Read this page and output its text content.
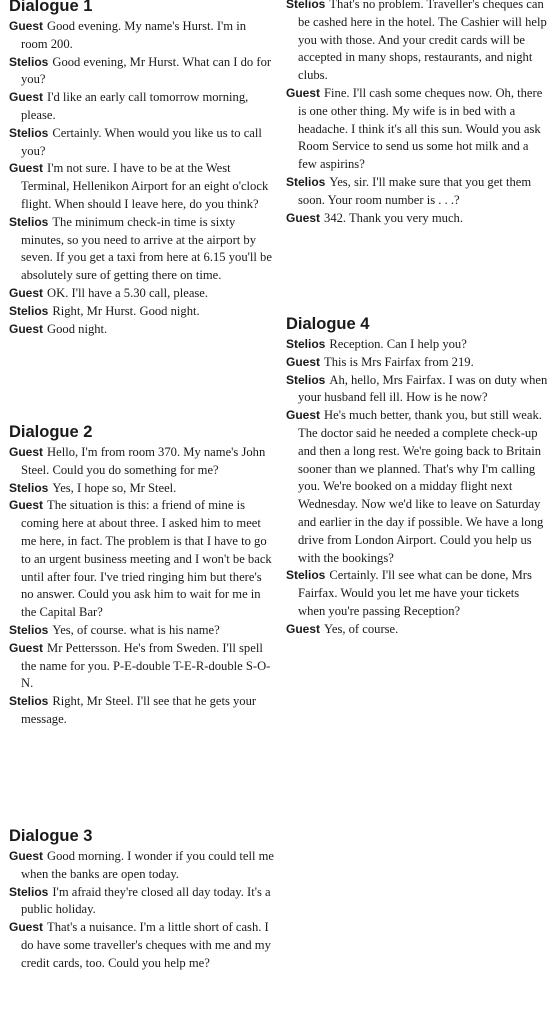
Dialogue 1

Guest Good evening. My name's Hurst. I'm in room 200.

Stelios Good evening, Mr Hurst. What can I do for you?

Guest I'd like an early call tomorrow morning, please.

Stelios Certainly. When would you like us to call you?

Guest I'm not sure. I have to be at the West Terminal, Hellenikon Airport for an eight o'clock flight. When should I leave here, do you think?

Stelios The minimum check-in time is sixty minutes, so you need to arrive at the airport by seven. If you get a taxi from here at 6.15 you'll be absolutely sure of getting there on time.

Guest OK. I'll have a 5.30 call, please.

Stelios Right, Mr Hurst. Good night.

Guest Good night.

Dialogue 2

Guest Hello, I'm from room 370. My name's John Steel. Could you do something for me?

Stelios Yes, I hope so, Mr Steel.

Guest The situation is this: a friend of mine is coming here at about three. I asked him to meet me here, in fact. The problem is that I have to go to an urgent business meeting and I won't be back until after four. I've tried ringing him but there's no answer. Could you ask him to wait for me in the Capital Bar?

Stelios Yes, of course. what is his name?

Guest Mr Pettersson. He's from Sweden. I'll spell the name for you. P-E-double T-E-R-double S-O-N.

Stelios Right, Mr Steel. I'll see that he gets your message.

Dialogue 3

Guest Good morning. I wonder if you could tell me when the banks are open today.

Stelios I'm afraid they're closed all day today. It's a public holiday.

Guest That's a nuisance. I'm a little short of cash. I do have some traveller's cheques with me and my credit cards, too. Could you help me?

Stelios That's no problem. Traveller's cheques can be cashed here in the hotel. The Cashier will help you with those. And your credit cards will be accepted in many shops, restaurants, and night clubs.

Guest Fine. I'll cash some cheques now. Oh, there is one other thing. My wife is in bed with a headache. I think it's all this sun. Would you ask Room Service to send us some hot milk and a few aspirins?

Stelios Yes, sir. I'll make sure that you get them soon. Your room number is . . .?

Guest 342. Thank you very much.

Dialogue 4

Stelios Reception. Can I help you?

Guest This is Mrs Fairfax from 219.

Stelios Ah, hello, Mrs Fairfax. I was on duty when your husband fell ill. How is he now?

Guest He's much better, thank you, but still weak. The doctor said he needed a complete check-up and then a long rest. We're going back to Britain sooner than we planned. That's why I'm calling you. We're booked on a midday flight next Wednesday. Now we'd like to leave on Saturday and earlier in the day if possible. We have a long drive from London Airport. Could you help us with the bookings?

Stelios Certainly. I'll see what can be done, Mrs Fairfax. Would you let me have your tickets when you're passing Reception?

Guest Yes, of course.
